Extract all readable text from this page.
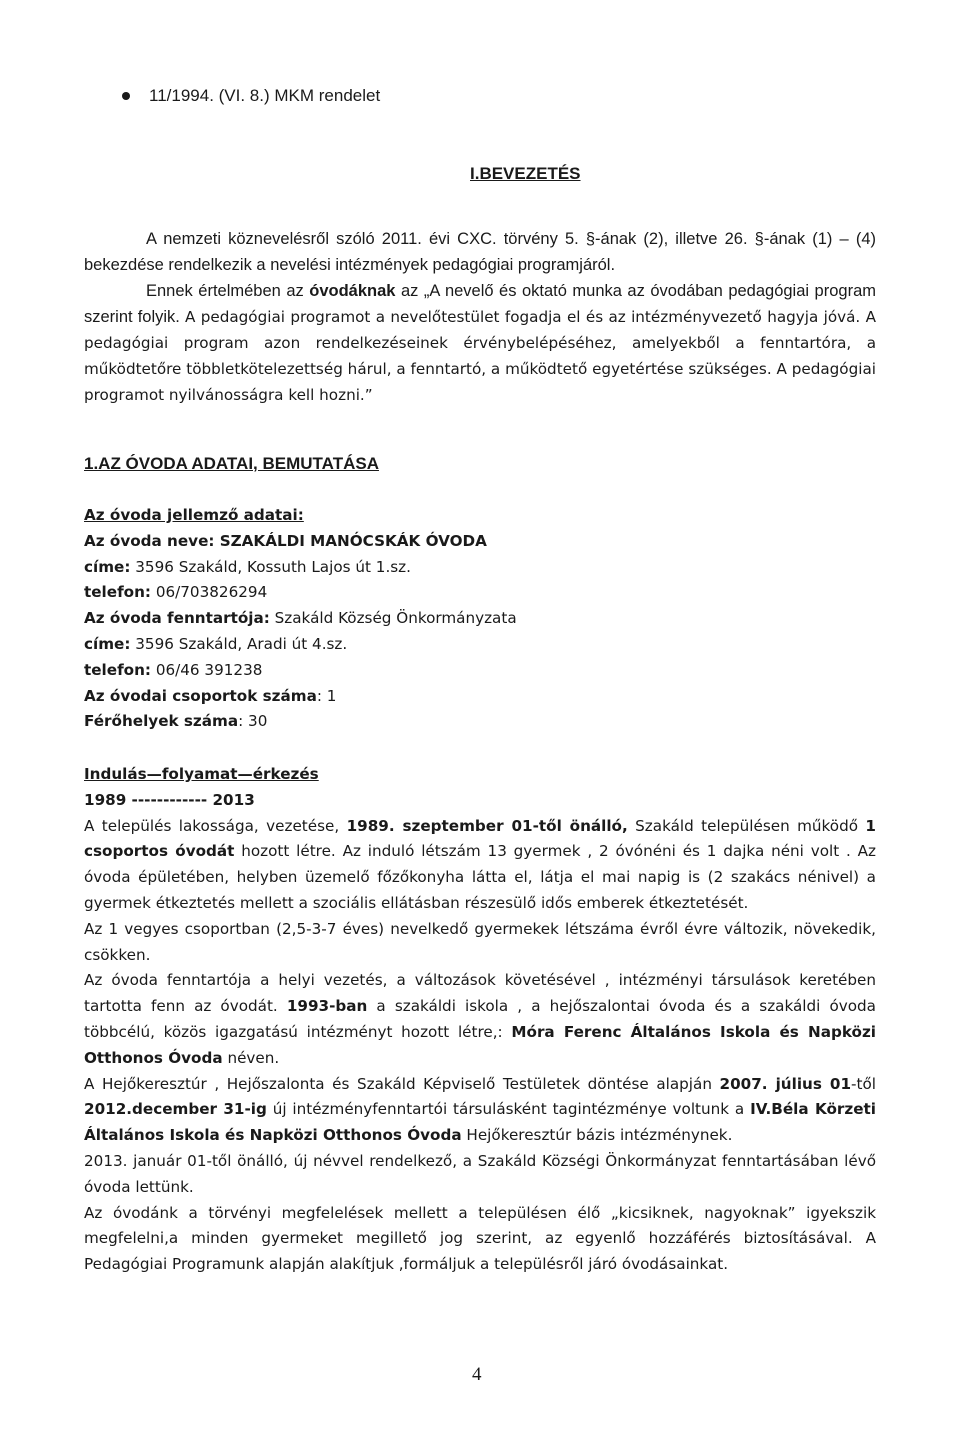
11/1994. (VI. 8.) MKM rendelet
I.BEVEZETÉS

A nemzeti köznevelésről szóló 2011. évi CXC. törvény 5. §-ának (2), illetve 26. §-ának (1) – (4) bekezdése rendelkezik a nevelési intézmények pedagógiai programjáról.

Ennek értelmében az óvodáknak az „A nevelő és oktató munka az óvodában pedagógiai program szerint folyik. A pedagógiai programot a nevelőtestület fogadja el és az intézményvezető hagyja jóvá. A pedagógiai program azon rendelkezéseinek érvénybelépéséhez, amelyekből a fenntartóra, a működtetőre többletkötelezettség hárul, a fenntartó, a működtető egyetértése szükséges. A pedagógiai programot nyilvánosságra kell hozni.”

1.AZ ÓVODA ADATAI, BEMUTATÁSA
Az óvoda jellemző adatai:
Az óvoda neve: SZAKÁLDI MANÓCSKÁK ÓVODA
címe: 3596 Szakáld, Kossuth Lajos út 1.sz.
telefon: 06/703826294
Az óvoda fenntartója: Szakáld Község Önkormányzata
címe: 3596 Szakáld, Aradi út 4.sz.
telefon: 06/46 391238
Az óvodai csoportok száma: 1
Férőhelyek száma: 30
Indulás—folyamat—érkezés
1989 ------------ 2013

A település lakossága, vezetése, 1989. szeptember 01-től önálló, Szakáld településen működő 1 csoportos óvodát hozott létre. Az induló létszám 13 gyermek , 2 óvónéni és 1 dajka néni volt . Az óvoda épületében, helyben üzemelő főzőkonyha látta el, látja el mai napig is (2 szakács nénivel) a gyermek étkeztetés mellett a szociális ellátásban részesülő idős emberek étkeztetését.

Az 1 vegyes csoportban (2,5-3-7 éves) nevelkedő gyermekek létszáma évről évre változik, növekedik, csökken.

Az óvoda fenntartója a helyi vezetés, a változások követésével , intézményi társulások keretében tartotta fenn az óvodát. 1993-ban a szakáldi iskola , a hejőszalontai óvoda és a szakáldi óvoda többcélú, közös igazgatású intézményt hozott létre,: Móra Ferenc Általános Iskola és Napközi Otthonos Óvoda néven.

A Hejőkeresztúr , Hejőszalonta és Szakáld Képviselő Testületek döntése alapján 2007. július 01-től 2012.december 31-ig új intézményfenntartói társulásként tagintézménye voltunk a IV.Béla Körzeti Általános Iskola és Napközi Otthonos Óvoda Hejőkeresztúr bázis intézménynek.

2013. január 01-től önálló, új névvel rendelkező, a Szakáld Községi Önkormányzat fenntartásában lévő óvoda lettünk.

Az óvodánk a törvényi megfelelések mellett a településen élő „kicsiknek, nagyoknak” igyekszik megfelelni,a minden gyermeket megillető jog szerint, az egyenlő hozzáférés biztosításával. A Pedagógiai Programunk alapján alakítjuk ,formáljuk a településről járó óvodásainkat.

4
